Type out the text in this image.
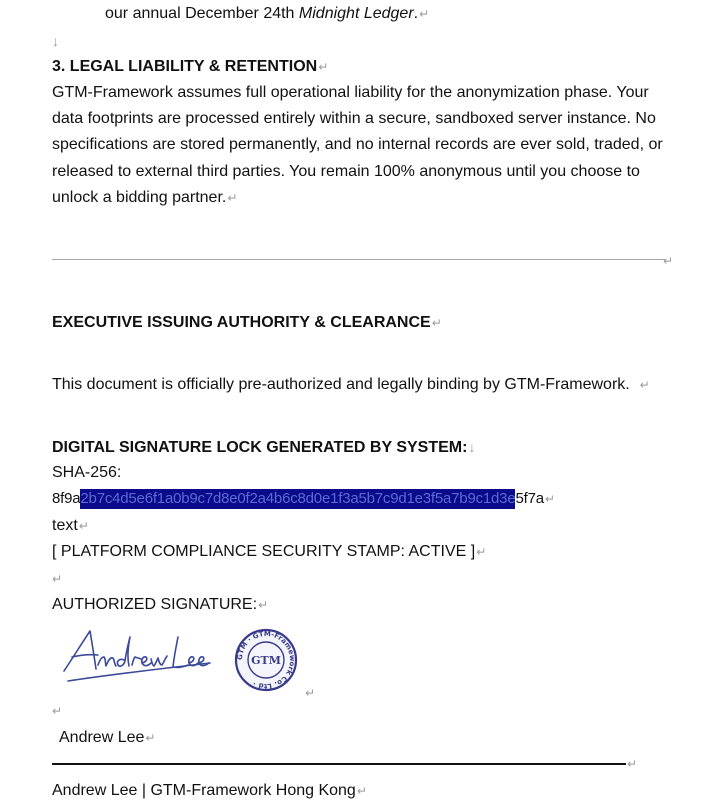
our annual December 24th Midnight Ledger.↵
↓
3. LEGAL LIABILITY & RETENTION↵
GTM-Framework assumes full operational liability for the anonymization phase. Your data footprints are processed entirely within a secure, sandboxed server instance. No specifications are stored permanently, and no internal records are ever sold, traded, or released to external third parties. You remain 100% anonymous until you choose to unlock a bidding partner.↵
↵
EXECUTIVE ISSUING AUTHORITY & CLEARANCE↵
This document is officially pre-authorized and legally binding by GTM-Framework. ↵
DIGITAL SIGNATURE LOCK GENERATED BY SYSTEM:↓
SHA-256:
8f9a2b7c4d5e6f1a0b9c7d8e0f2a4b6c8d0e1f3a5b7c9d1e3f5a7b9c1d3e5f7a↵
text↵
[ PLATFORM COMPLIANCE SECURITY STAMP: ACTIVE ]↵
↵
AUTHORIZED SIGNATURE:↵
GTM · GTM-Framework Co. Ltd ·
GTM
↵
↵
Andrew Lee↵
↵
Andrew Lee | GTM-Framework Hong Kong↵
